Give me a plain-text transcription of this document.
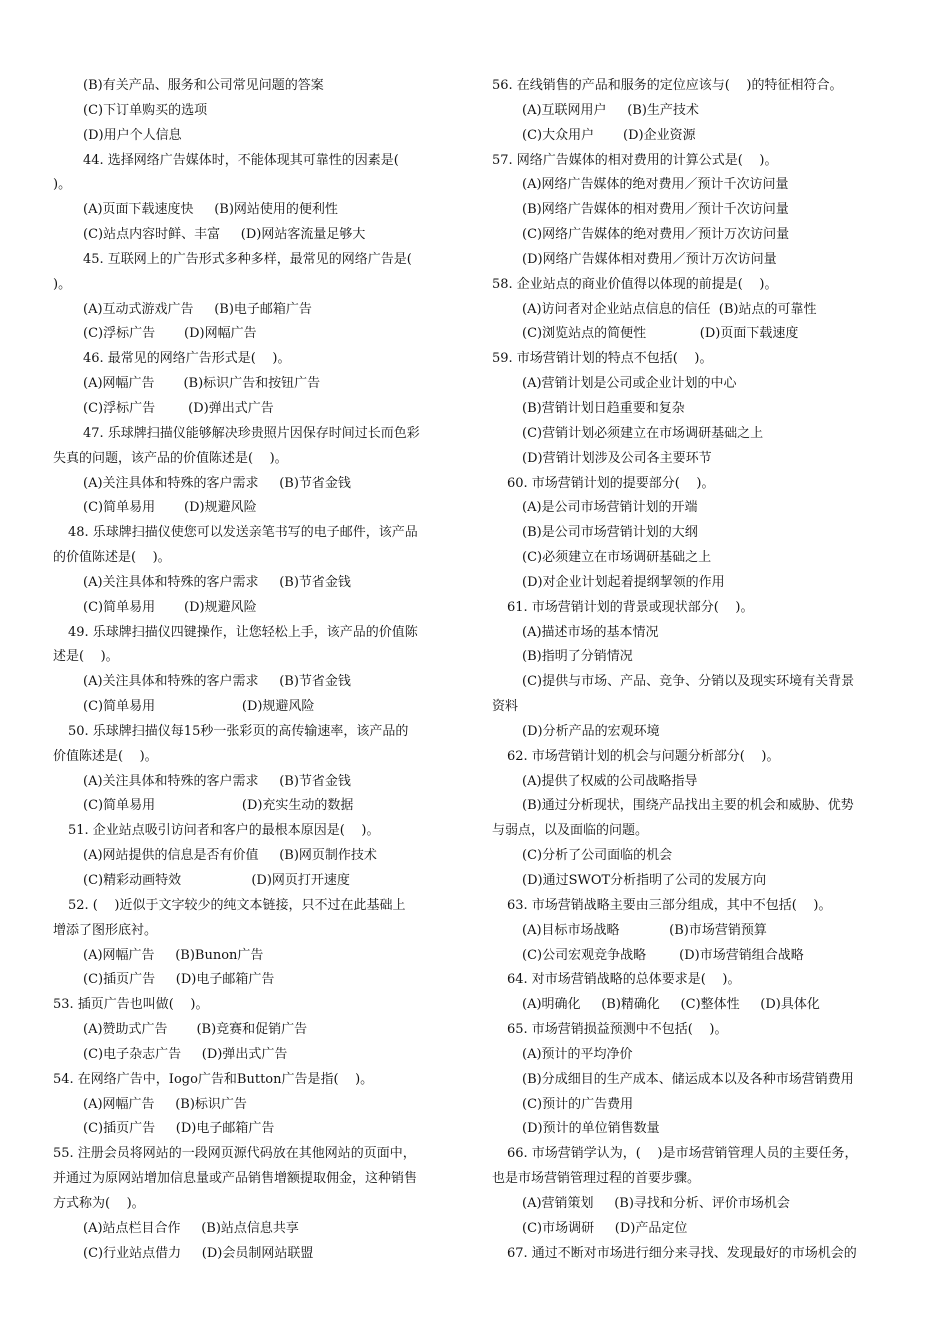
(B)有关产品、服务和公司常见问题的答案
(C)下订单购买的选项
(D)用户个人信息
44. 选择网络广告媒体时，不能体现其可靠性的因素是(
)。
(A)页面下载速度快     (B)网站使用的便利性
(C)站点内容时鲜、丰富     (D)网站客流量足够大
45. 互联网上的广告形式多种多样，最常见的网络广告是(
)。
(A)互动式游戏广告     (B)电子邮箱广告
(C)浮标广告       (D)网幅广告
46. 最常见的网络广告形式是(    )。
(A)网幅广告       (B)标识广告和按钮广告
(C)浮标广告        (D)弹出式广告
47. 乐球牌扫描仪能够解决珍贵照片因保存时间过长而色彩
失真的问题，该产品的价值陈述是(    )。
(A)关注具体和特殊的客户需求     (B)节省金钱
(C)简单易用       (D)规避风险
48. 乐球牌扫描仪使您可以发送亲笔书写的电子邮件，该产品
的价值陈述是(    )。
(A)关注具体和特殊的客户需求     (B)节省金钱
(C)简单易用       (D)规避风险
49. 乐球牌扫描仪四键操作，让您轻松上手，该产品的价值陈
述是(    )。
(A)关注具体和特殊的客户需求     (B)节省金钱
(C)简单易用                     (D)规避风险
50. 乐球牌扫描仪每15秒一张彩页的高传输速率，该产品的
价值陈述是(    )。
(A)关注具体和特殊的客户需求     (B)节省金钱
(C)简单易用                     (D)充实生动的数据
51. 企业站点吸引访问者和客户的最根本原因是(    )。
(A)网站提供的信息是否有价值     (B)网页制作技术
(C)精彩动画特效                 (D)网页打开速度
52. (    )近似于文字较少的纯文本链接，只不过在此基础上
增添了图形底衬。
(A)网幅广告     (B)Bunon广告
(C)插页广告     (D)电子邮箱广告
53. 插页广告也叫做(    )。
(A)赞助式广告       (B)竞赛和促销广告
(C)电子杂志广告     (D)弹出式广告
54. 在网络广告中，Iogo广告和Button广告是指(    )。
(A)网幅广告     (B)标识广告
(C)插页广告     (D)电子邮箱广告
55. 注册会员将网站的一段网页源代码放在其他网站的页面中，
并通过为原网站增加信息量或产品销售增额提取佣金，这种销售
方式称为(    )。
(A)站点栏目合作     (B)站点信息共享
(C)行业站点借力     (D)会员制网站联盟
56. 在线销售的产品和服务的定位应该与(    )的特征相符合。
(A)互联网用户     (B)生产技术
(C)大众用户       (D)企业资源
57. 网络广告媒体的相对费用的计算公式是(    )。
(A)网络广告媒体的绝对费用／预计千次访问量
(B)网络广告媒体的相对费用／预计千次访问量
(C)网络广告媒体的绝对费用／预计万次访问量
(D)网络广告媒体相对费用／预计万次访问量
58. 企业站点的商业价值得以体现的前提是(    )。
(A)访问者对企业站点信息的信任  (B)站点的可靠性
(C)浏览站点的简便性             (D)页面下载速度
59. 市场营销计划的特点不包括(    )。
(A)营销计划是公司或企业计划的中心
(B)营销计划日趋重要和复杂
(C)营销计划必须建立在市场调研基础之上
(D)营销计划涉及公司各主要环节
60. 市场营销计划的提要部分(    )。
(A)是公司市场营销计划的开端
(B)是公司市场营销计划的大纲
(C)必须建立在市场调研基础之上
(D)对企业计划起着提纲挈领的作用
61. 市场营销计划的背景或现状部分(    )。
(A)描述市场的基本情况
(B)指明了分销情况
(C)提供与市场、产品、竞争、分销以及现实环境有关背景
资料
(D)分析产品的宏观环境
62. 市场营销计划的机会与问题分析部分(    )。
(A)提供了权威的公司战略指导
(B)通过分析现状，围绕产品找出主要的机会和威胁、优势
与弱点，以及面临的问题。
(C)分析了公司面临的机会
(D)通过SWOT分析指明了公司的发展方向
63. 市场营销战略主要由三部分组成，其中不包括(    )。
(A)目标市场战略            (B)市场营销预算
(C)公司宏观竞争战略        (D)市场营销组合战略
64. 对市场营销战略的总体要求是(    )。
(A)明确化     (B)精确化     (C)整体性     (D)具体化
65. 市场营销损益预测中不包括(    )。
(A)预计的平均净价
(B)分成细目的生产成本、储运成本以及各种市场营销费用
(C)预计的广告费用
(D)预计的单位销售数量
66. 市场营销学认为，(    )是市场营销管理人员的主要任务，
也是市场营销管理过程的首要步骤。
(A)营销策划     (B)寻找和分析、评价市场机会
(C)市场调研     (D)产品定位
67. 通过不断对市场进行细分来寻找、发现最好的市场机会的
